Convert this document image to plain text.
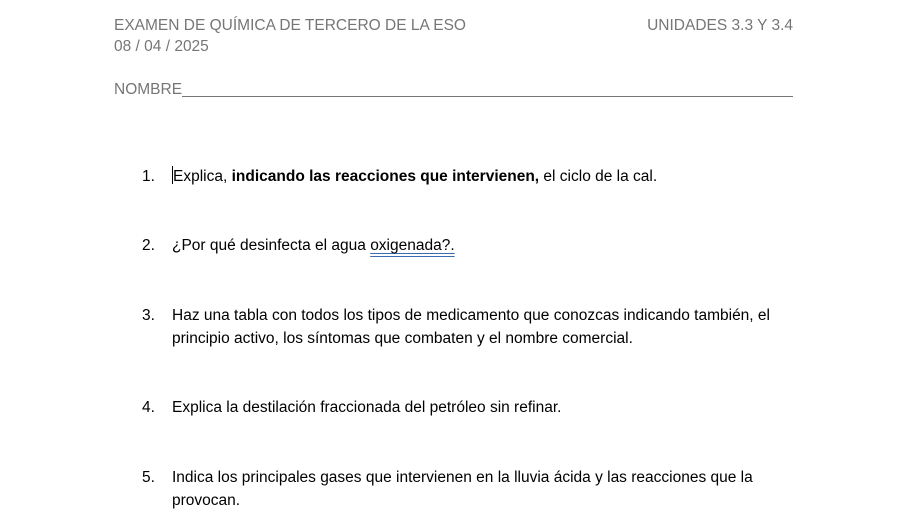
EXAMEN DE QUÍMICA DE TERCERO DE LA ESO
08 / 04 / 2025
UNIDADES 3.3 Y 3.4
NOMBRE
1.	Explica, indicando las reacciones que intervienen, el ciclo de la cal.
2.	¿Por qué desinfecta el agua oxigenada?.
3.	Haz una tabla con todos los tipos de medicamento que conozcas indicando también, el principio activo, los síntomas que combaten y el nombre comercial.
4.	Explica la destilación fraccionada del petróleo sin refinar.
5.	Indica los principales gases que intervienen en la lluvia ácida y las reacciones que la provocan.
